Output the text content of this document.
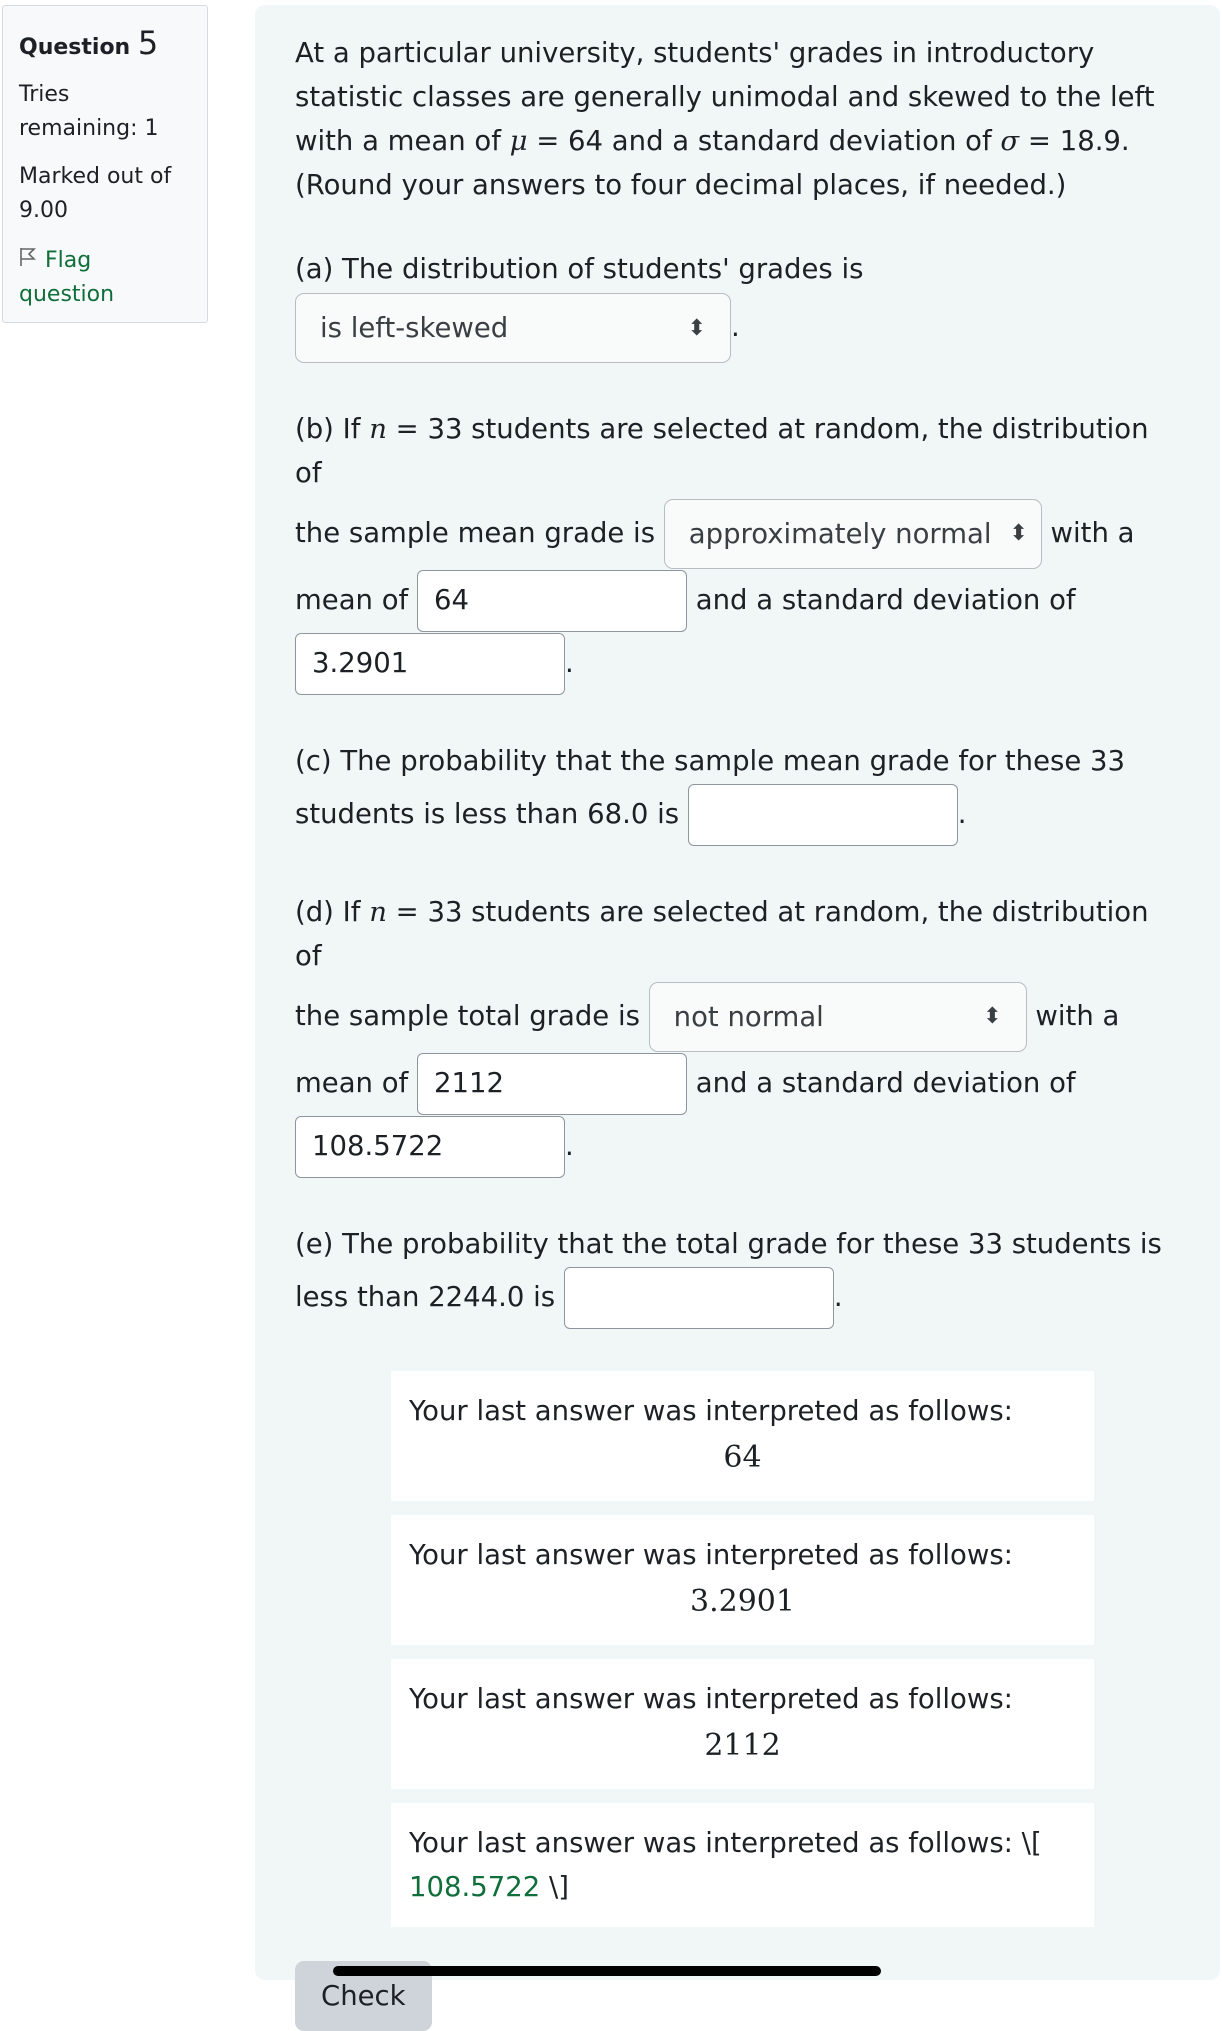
Question 5
Tries
remaining: 1
Marked out of
9.00
Flag
question
At a particular university, students' grades in introductory
statistic classes are generally unimodal and skewed to the left
with a mean of μ = 64 and a standard deviation of σ = 18.9.
(Round your answers to four decimal places, if needed.)
(a) The distribution of students' grades is
is left-skewed	⬍ .
(b) If n = 33 students are selected at random, the distribution of
the sample mean grade is approximately normal ⬍ with a
mean of 64	and a standard deviation of
3.2901	.
(c) The probability that the sample mean grade for these 33
students is less than 68.0 is	.
(d) If n = 33 students are selected at random, the distribution of
the sample total grade is not normal	⬍ with a
mean of 2112	and a standard deviation of
108.5722	.
(e) The probability that the total grade for these 33 students is
less than 2244.0 is	.
Your last answer was interpreted as follows:
64
Your last answer was interpreted as follows:
3.2901
Your last answer was interpreted as follows:
2112
Your last answer was interpreted as follows: \[
108.5722 \]
Check
